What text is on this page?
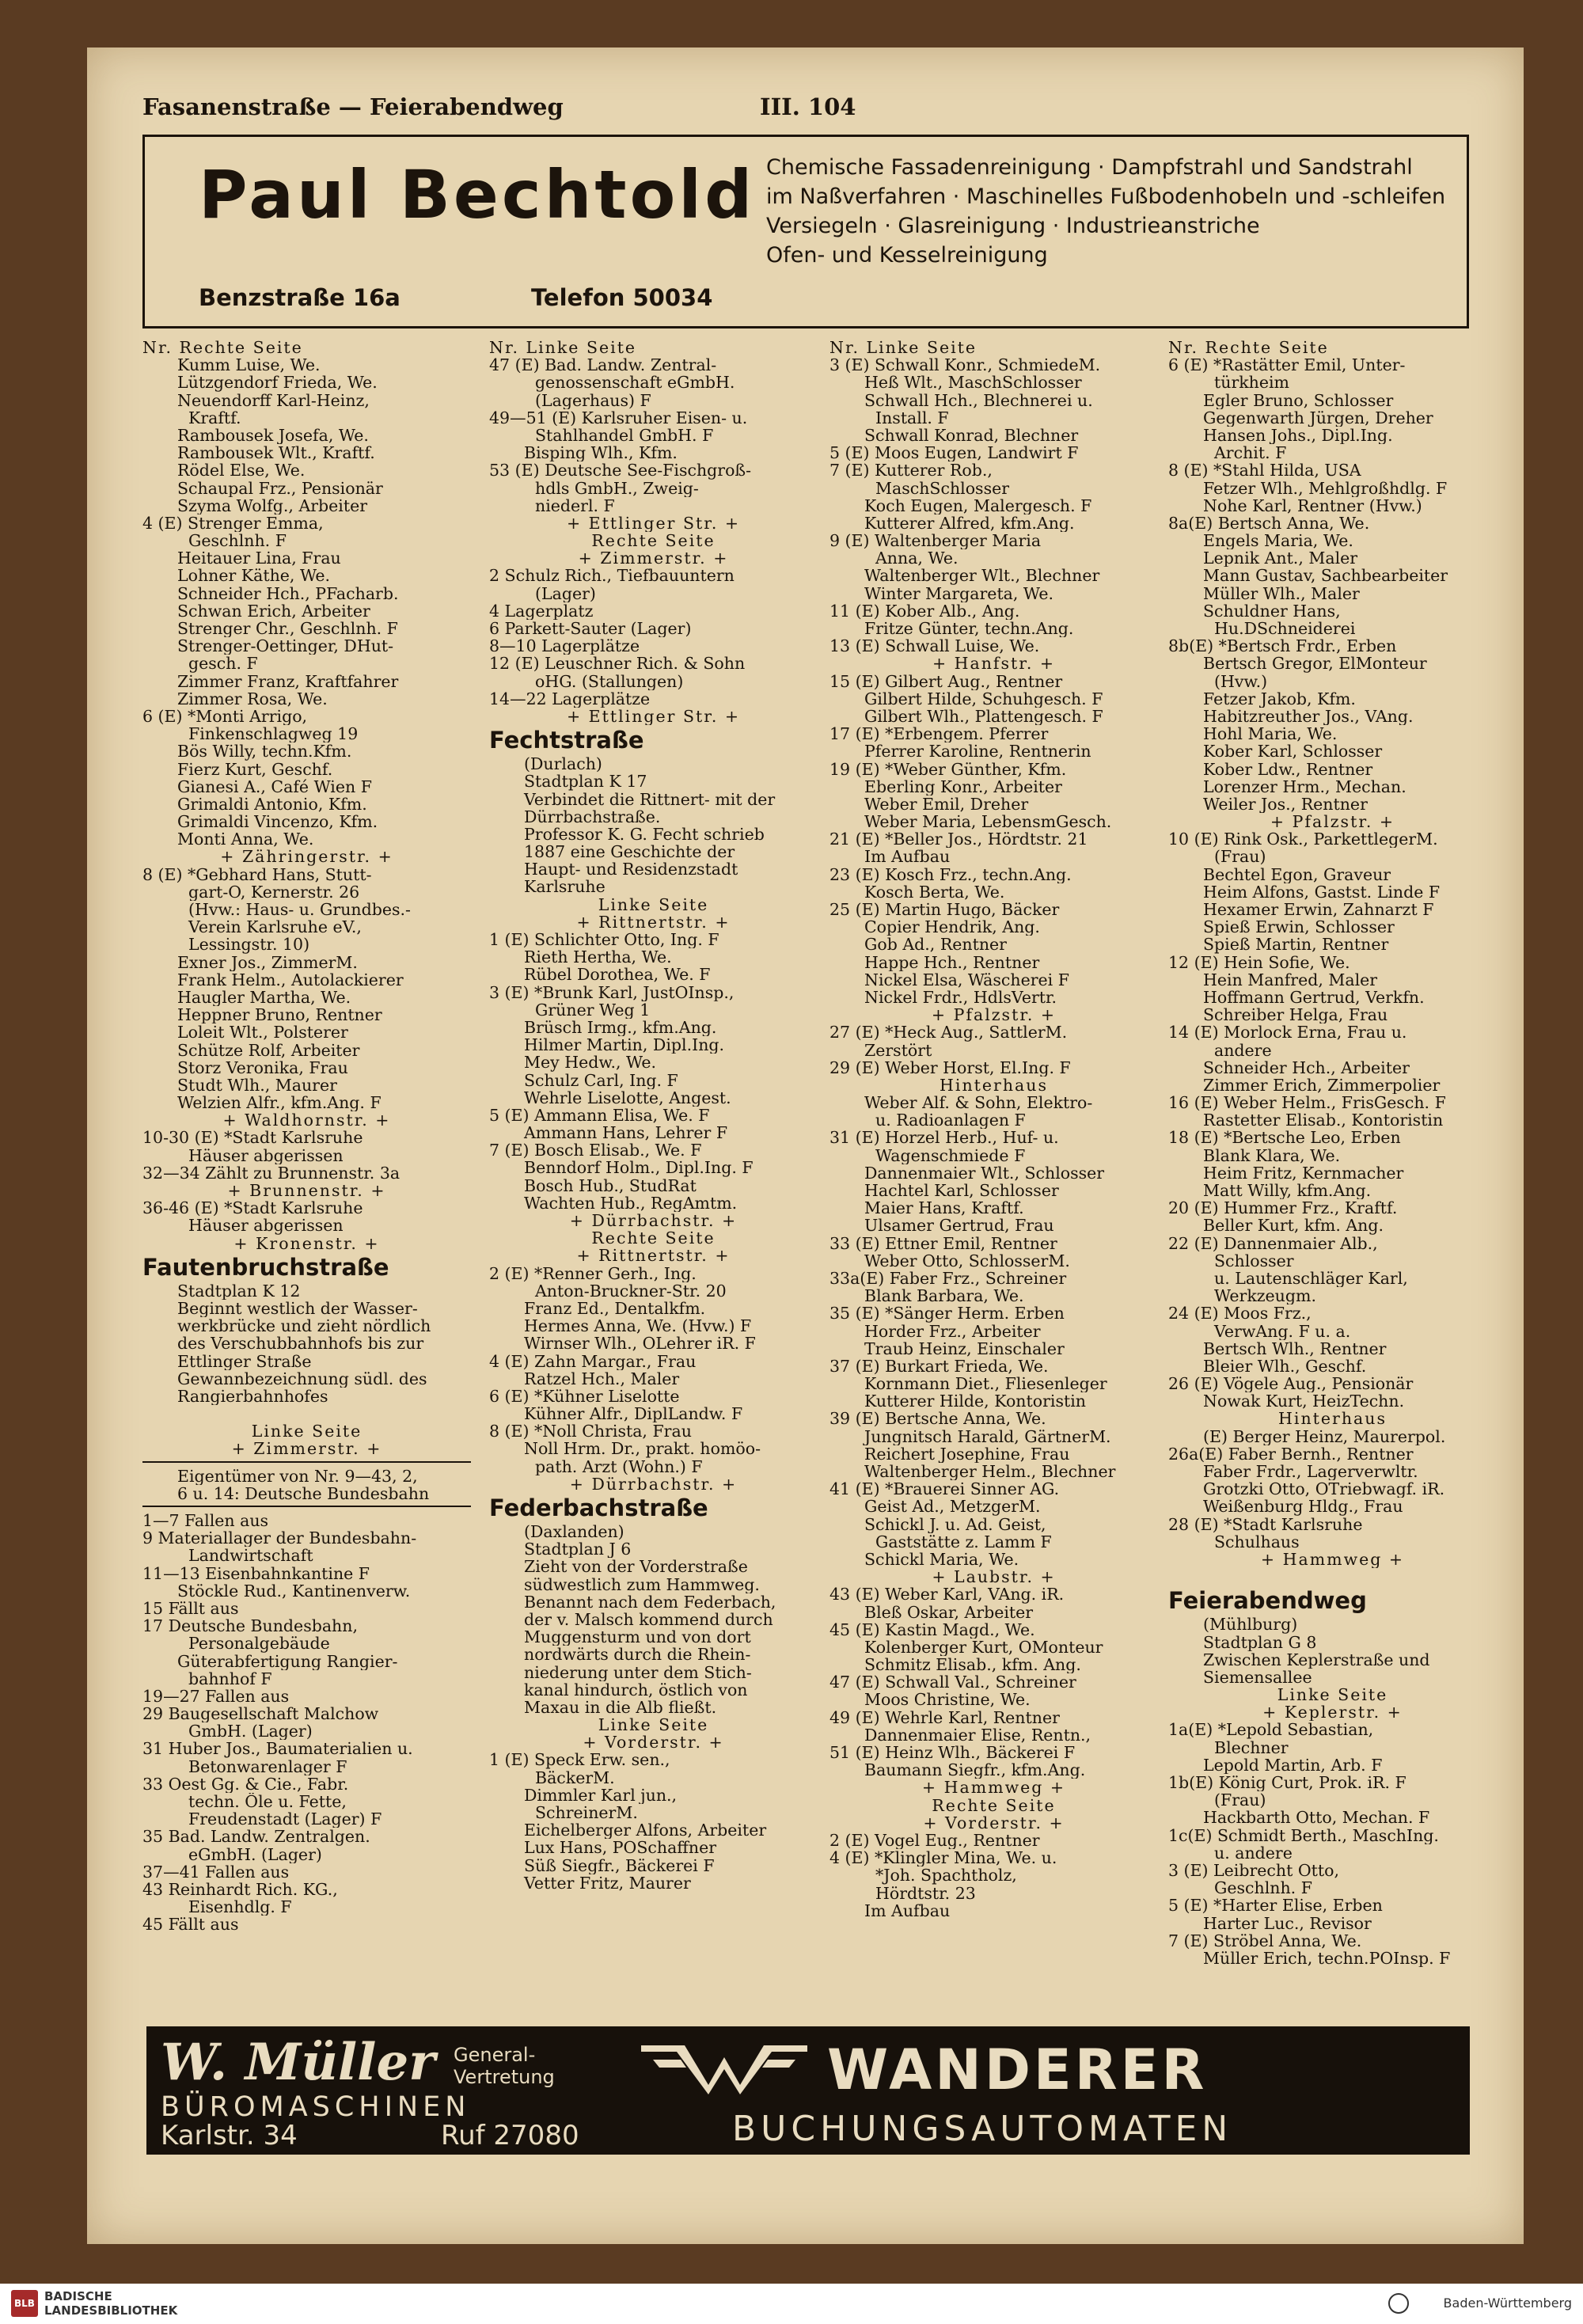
Fasanenstraße — Feierabendweg	III. 104
Paul Bechtold
Benzstraße 16a	Telefon 50034
Chemische Fassadenreinigung · Dampfstrahl und Sandstrahl
im Naßverfahren · Maschinelles Fußbodenhobeln und -schleifen
Versiegeln · Glasreinigung · Industrieanstriche
Ofen- und Kesselreinigung
Nr. Rechte Seite
Kumm Luise, We.
Lützgendorf Frieda, We.
Neuendorff Karl-Heinz,
Kraftf.
Rambousek Josefa, We.
Rambousek Wlt., Kraftf.
Rödel Else, We.
Schaupal Frz., Pensionär
Szyma Wolfg., Arbeiter
4 (E) Strenger Emma,
Geschlnh. F
Heitauer Lina, Frau
Lohner Käthe, We.
Schneider Hch., PFacharb.
Schwan Erich, Arbeiter
Strenger Chr., Geschlnh. F
Strenger-Oettinger, DHut-
gesch. F
Zimmer Franz, Kraftfahrer
Zimmer Rosa, We.
6 (E) *Monti Arrigo,
Finkenschlagweg 19
Bös Willy, techn.Kfm.
Fierz Kurt, Geschf.
Gianesi A., Café Wien F
Grimaldi Antonio, Kfm.
Grimaldi Vincenzo, Kfm.
Monti Anna, We.
+ Zähringerstr. +
8 (E) *Gebhard Hans, Stutt-
gart-O, Kernerstr. 26
(Hvw.: Haus- u. Grundbes.-
Verein Karlsruhe eV.,
Lessingstr. 10)
Exner Jos., ZimmerM.
Frank Helm., Autolackierer
Haugler Martha, We.
Heppner Bruno, Rentner
Loleit Wlt., Polsterer
Schütze Rolf, Arbeiter
Storz Veronika, Frau
Studt Wlh., Maurer
Welzien Alfr., kfm.Ang. F
+ Waldhornstr. +
10-30 (E) *Stadt Karlsruhe
Häuser abgerissen
32—34 Zählt zu Brunnenstr. 3a
+ Brunnenstr. +
36-46 (E) *Stadt Karlsruhe
Häuser abgerissen
+ Kronenstr. +
Fautenbruchstraße
Stadtplan K 12
Beginnt westlich der Wasser-
werkbrücke und zieht nördlich
des Verschubbahnhofs bis zur
Ettlinger Straße
Gewannbezeichnung südl. des
Rangierbahnhofes
Linke Seite
+ Zimmerstr. +
Eigentümer von Nr. 9—43, 2,
6 u. 14: Deutsche Bundesbahn
1—7 Fallen aus
9 Materiallager der Bundesbahn-
Landwirtschaft
11—13 Eisenbahnkantine F
Stöckle Rud., Kantinenverw.
15 Fällt aus
17 Deutsche Bundesbahn,
Personalgebäude
Güterabfertigung Rangier-
bahnhof F
19—27 Fallen aus
29 Baugesellschaft Malchow
GmbH. (Lager)
31 Huber Jos., Baumaterialien u.
Betonwarenlager F
33 Oest Gg. & Cie., Fabr.
techn. Öle u. Fette,
Freudenstadt (Lager) F
35 Bad. Landw. Zentralgen.
eGmbH. (Lager)
37—41 Fallen aus
43 Reinhardt Rich. KG.,
Eisenhdlg. F
45 Fällt aus
Nr. Linke Seite
47 (E) Bad. Landw. Zentral-
genossenschaft eGmbH.
(Lagerhaus) F
49—51 (E) Karlsruher Eisen- u.
Stahlhandel GmbH. F
Bisping Wlh., Kfm.
53 (E) Deutsche See-Fischgroß-
hdls GmbH., Zweig-
niederl. F
+ Ettlinger Str. +
Rechte Seite
+ Zimmerstr. +
2 Schulz Rich., Tiefbauuntern
(Lager)
4 Lagerplatz
6 Parkett-Sauter (Lager)
8—10 Lagerplätze
12 (E) Leuschner Rich. & Sohn
oHG. (Stallungen)
14—22 Lagerplätze
+ Ettlinger Str. +
Fechtstraße
(Durlach)
Stadtplan K 17
Verbindet die Rittnert- mit der
Dürrbachstraße.
Professor K. G. Fecht schrieb
1887 eine Geschichte der
Haupt- und Residenzstadt
Karlsruhe
Linke Seite
+ Rittnertstr. +
1 (E) Schlichter Otto, Ing. F
Rieth Hertha, We.
Rübel Dorothea, We. F
3 (E) *Brunk Karl, JustOInsp.,
Grüner Weg 1
Brüsch Irmg., kfm.Ang.
Hilmer Martin, Dipl.Ing.
Mey Hedw., We.
Schulz Carl, Ing. F
Wehrle Liselotte, Angest.
5 (E) Ammann Elisa, We. F
Ammann Hans, Lehrer F
7 (E) Bosch Elisab., We. F
Benndorf Holm., Dipl.Ing. F
Bosch Hub., StudRat
Wachten Hub., RegAmtm.
+ Dürrbachstr. +
Rechte Seite
+ Rittnertstr. +
2 (E) *Renner Gerh., Ing.
Anton-Bruckner-Str. 20
Franz Ed., Dentalkfm.
Hermes Anna, We. (Hvw.) F
Wirnser Wlh., OLehrer iR. F
4 (E) Zahn Margar., Frau
Ratzel Hch., Maler
6 (E) *Kühner Liselotte
Kühner Alfr., DiplLandw. F
8 (E) *Noll Christa, Frau
Noll Hrm. Dr., prakt. homöo-
path. Arzt (Wohn.) F
+ Dürrbachstr. +
Federbachstraße
(Daxlanden)
Stadtplan J 6
Zieht von der Vorderstraße
südwestlich zum Hammweg.
Benannt nach dem Federbach,
der v. Malsch kommend durch
Muggensturm und von dort
nordwärts durch die Rhein-
niederung unter dem Stich-
kanal hindurch, östlich von
Maxau in die Alb fließt.
Linke Seite
+ Vorderstr. +
1 (E) Speck Erw. sen.,
BäckerM.
Dimmler Karl jun.,
SchreinerM.
Eichelberger Alfons, Arbeiter
Lux Hans, POSchaffner
Süß Siegfr., Bäckerei F
Vetter Fritz, Maurer
Nr. Linke Seite
3 (E) Schwall Konr., SchmiedeM.
Heß Wlt., MaschSchlosser
Schwall Hch., Blechnerei u.
Install. F
Schwall Konrad, Blechner
5 (E) Moos Eugen, Landwirt F
7 (E) Kutterer Rob.,
MaschSchlosser
Koch Eugen, Malergesch. F
Kutterer Alfred, kfm.Ang.
9 (E) Waltenberger Maria
Anna, We.
Waltenberger Wlt., Blechner
Winter Margareta, We.
11 (E) Kober Alb., Ang.
Fritze Günter, techn.Ang.
13 (E) Schwall Luise, We.
+ Hanfstr. +
15 (E) Gilbert Aug., Rentner
Gilbert Hilde, Schuhgesch. F
Gilbert Wlh., Plattengesch. F
17 (E) *Erbengem. Pferrer
Pferrer Karoline, Rentnerin
19 (E) *Weber Günther, Kfm.
Eberling Konr., Arbeiter
Weber Emil, Dreher
Weber Maria, LebensmGesch.
21 (E) *Beller Jos., Hördtstr. 21
Im Aufbau
23 (E) Kosch Frz., techn.Ang.
Kosch Berta, We.
25 (E) Martin Hugo, Bäcker
Copier Hendrik, Ang.
Gob Ad., Rentner
Happe Hch., Rentner
Nickel Elsa, Wäscherei F
Nickel Frdr., HdlsVertr.
+ Pfalzstr. +
27 (E) *Heck Aug., SattlerM.
Zerstört
29 (E) Weber Horst, El.Ing. F
Hinterhaus
Weber Alf. & Sohn, Elektro-
u. Radioanlagen F
31 (E) Horzel Herb., Huf- u.
Wagenschmiede F
Dannenmaier Wlt., Schlosser
Hachtel Karl, Schlosser
Maier Hans, Kraftf.
Ulsamer Gertrud, Frau
33 (E) Ettner Emil, Rentner
Weber Otto, SchlosserM.
33a(E) Faber Frz., Schreiner
Blank Barbara, We.
35 (E) *Sänger Herm. Erben
Horder Frz., Arbeiter
Traub Heinz, Einschaler
37 (E) Burkart Frieda, We.
Kornmann Diet., Fliesenleger
Kutterer Hilde, Kontoristin
39 (E) Bertsche Anna, We.
Jungnitsch Harald, GärtnerM.
Reichert Josephine, Frau
Waltenberger Helm., Blechner
41 (E) *Brauerei Sinner AG.
Geist Ad., MetzgerM.
Schickl J. u. Ad. Geist,
Gaststätte z. Lamm F
Schickl Maria, We.
+ Laubstr. +
43 (E) Weber Karl, VAng. iR.
Bleß Oskar, Arbeiter
45 (E) Kastin Magd., We.
Kolenberger Kurt, OMonteur
Schmitz Elisab., kfm. Ang.
47 (E) Schwall Val., Schreiner
Moos Christine, We.
49 (E) Wehrle Karl, Rentner
Dannenmaier Elise, Rentn.,
51 (E) Heinz Wlh., Bäckerei F
Baumann Siegfr., kfm.Ang.
+ Hammweg +
Rechte Seite
+ Vorderstr. +
2 (E) Vogel Eug., Rentner
4 (E) *Klingler Mina, We. u.
*Joh. Spachtholz,
Hördtstr. 23
Im Aufbau
Nr. Rechte Seite
6 (E) *Rastätter Emil, Unter-
türkheim
Egler Bruno, Schlosser
Gegenwarth Jürgen, Dreher
Hansen Johs., Dipl.Ing.
Archit. F
8 (E) *Stahl Hilda, USA
Fetzer Wlh., Mehlgroßhdlg. F
Nohe Karl, Rentner (Hvw.)
8a(E) Bertsch Anna, We.
Engels Maria, We.
Lepnik Ant., Maler
Mann Gustav, Sachbearbeiter
Müller Wlh., Maler
Schuldner Hans,
Hu.DSchneiderei
8b(E) *Bertsch Frdr., Erben
Bertsch Gregor, ElMonteur
(Hvw.)
Fetzer Jakob, Kfm.
Habitzreuther Jos., VAng.
Hohl Maria, We.
Kober Karl, Schlosser
Kober Ldw., Rentner
Lorenzer Hrm., Mechan.
Weiler Jos., Rentner
+ Pfalzstr. +
10 (E) Rink Osk., ParkettlegerM.
(Frau)
Bechtel Egon, Graveur
Heim Alfons, Gastst. Linde F
Hexamer Erwin, Zahnarzt F
Spieß Erwin, Schlosser
Spieß Martin, Rentner
12 (E) Hein Sofie, We.
Hein Manfred, Maler
Hoffmann Gertrud, Verkfn.
Schreiber Helga, Frau
14 (E) Morlock Erna, Frau u.
andere
Schneider Hch., Arbeiter
Zimmer Erich, Zimmerpolier
16 (E) Weber Helm., FrisGesch. F
Rastetter Elisab., Kontoristin
18 (E) *Bertsche Leo, Erben
Blank Klara, We.
Heim Fritz, Kernmacher
Matt Willy, kfm.Ang.
20 (E) Hummer Frz., Kraftf.
Beller Kurt, kfm. Ang.
22 (E) Dannenmaier Alb.,
Schlosser
u. Lautenschläger Karl,
Werkzeugm.
24 (E) Moos Frz.,
VerwAng. F u. a.
Bertsch Wlh., Rentner
Bleier Wlh., Geschf.
26 (E) Vögele Aug., Pensionär
Nowak Kurt, HeizTechn.
Hinterhaus
(E) Berger Heinz, Maurerpol.
26a(E) Faber Bernh., Rentner
Faber Frdr., Lagerverwltr.
Grotzki Otto, OTriebwagf. iR.
Weißenburg Hldg., Frau
28 (E) *Stadt Karlsruhe
Schulhaus
+ Hammweg +
Feierabendweg
(Mühlburg)
Stadtplan G 8
Zwischen Keplerstraße und
Siemensallee
Linke Seite
+ Keplerstr. +
1a(E) *Lepold Sebastian,
Blechner
Lepold Martin, Arb. F
1b(E) König Curt, Prok. iR. F
(Frau)
Hackbarth Otto, Mechan. F
1c(E) Schmidt Berth., MaschIng.
u. andere
3 (E) Leibrecht Otto,
Geschlnh. F
5 (E) *Harter Elise, Erben
Harter Luc., Revisor
7 (E) Ströbel Anna, We.
Müller Erich, techn.POInsp. F
W. Müller General-
Vertretung
BÜROMASCHINEN
Karlstr. 34	Ruf 27080
WANDERER
BUCHUNGSAUTOMATEN
BLB BADISCHE
LANDESBIBLIOTHEK	Baden-Württemberg
